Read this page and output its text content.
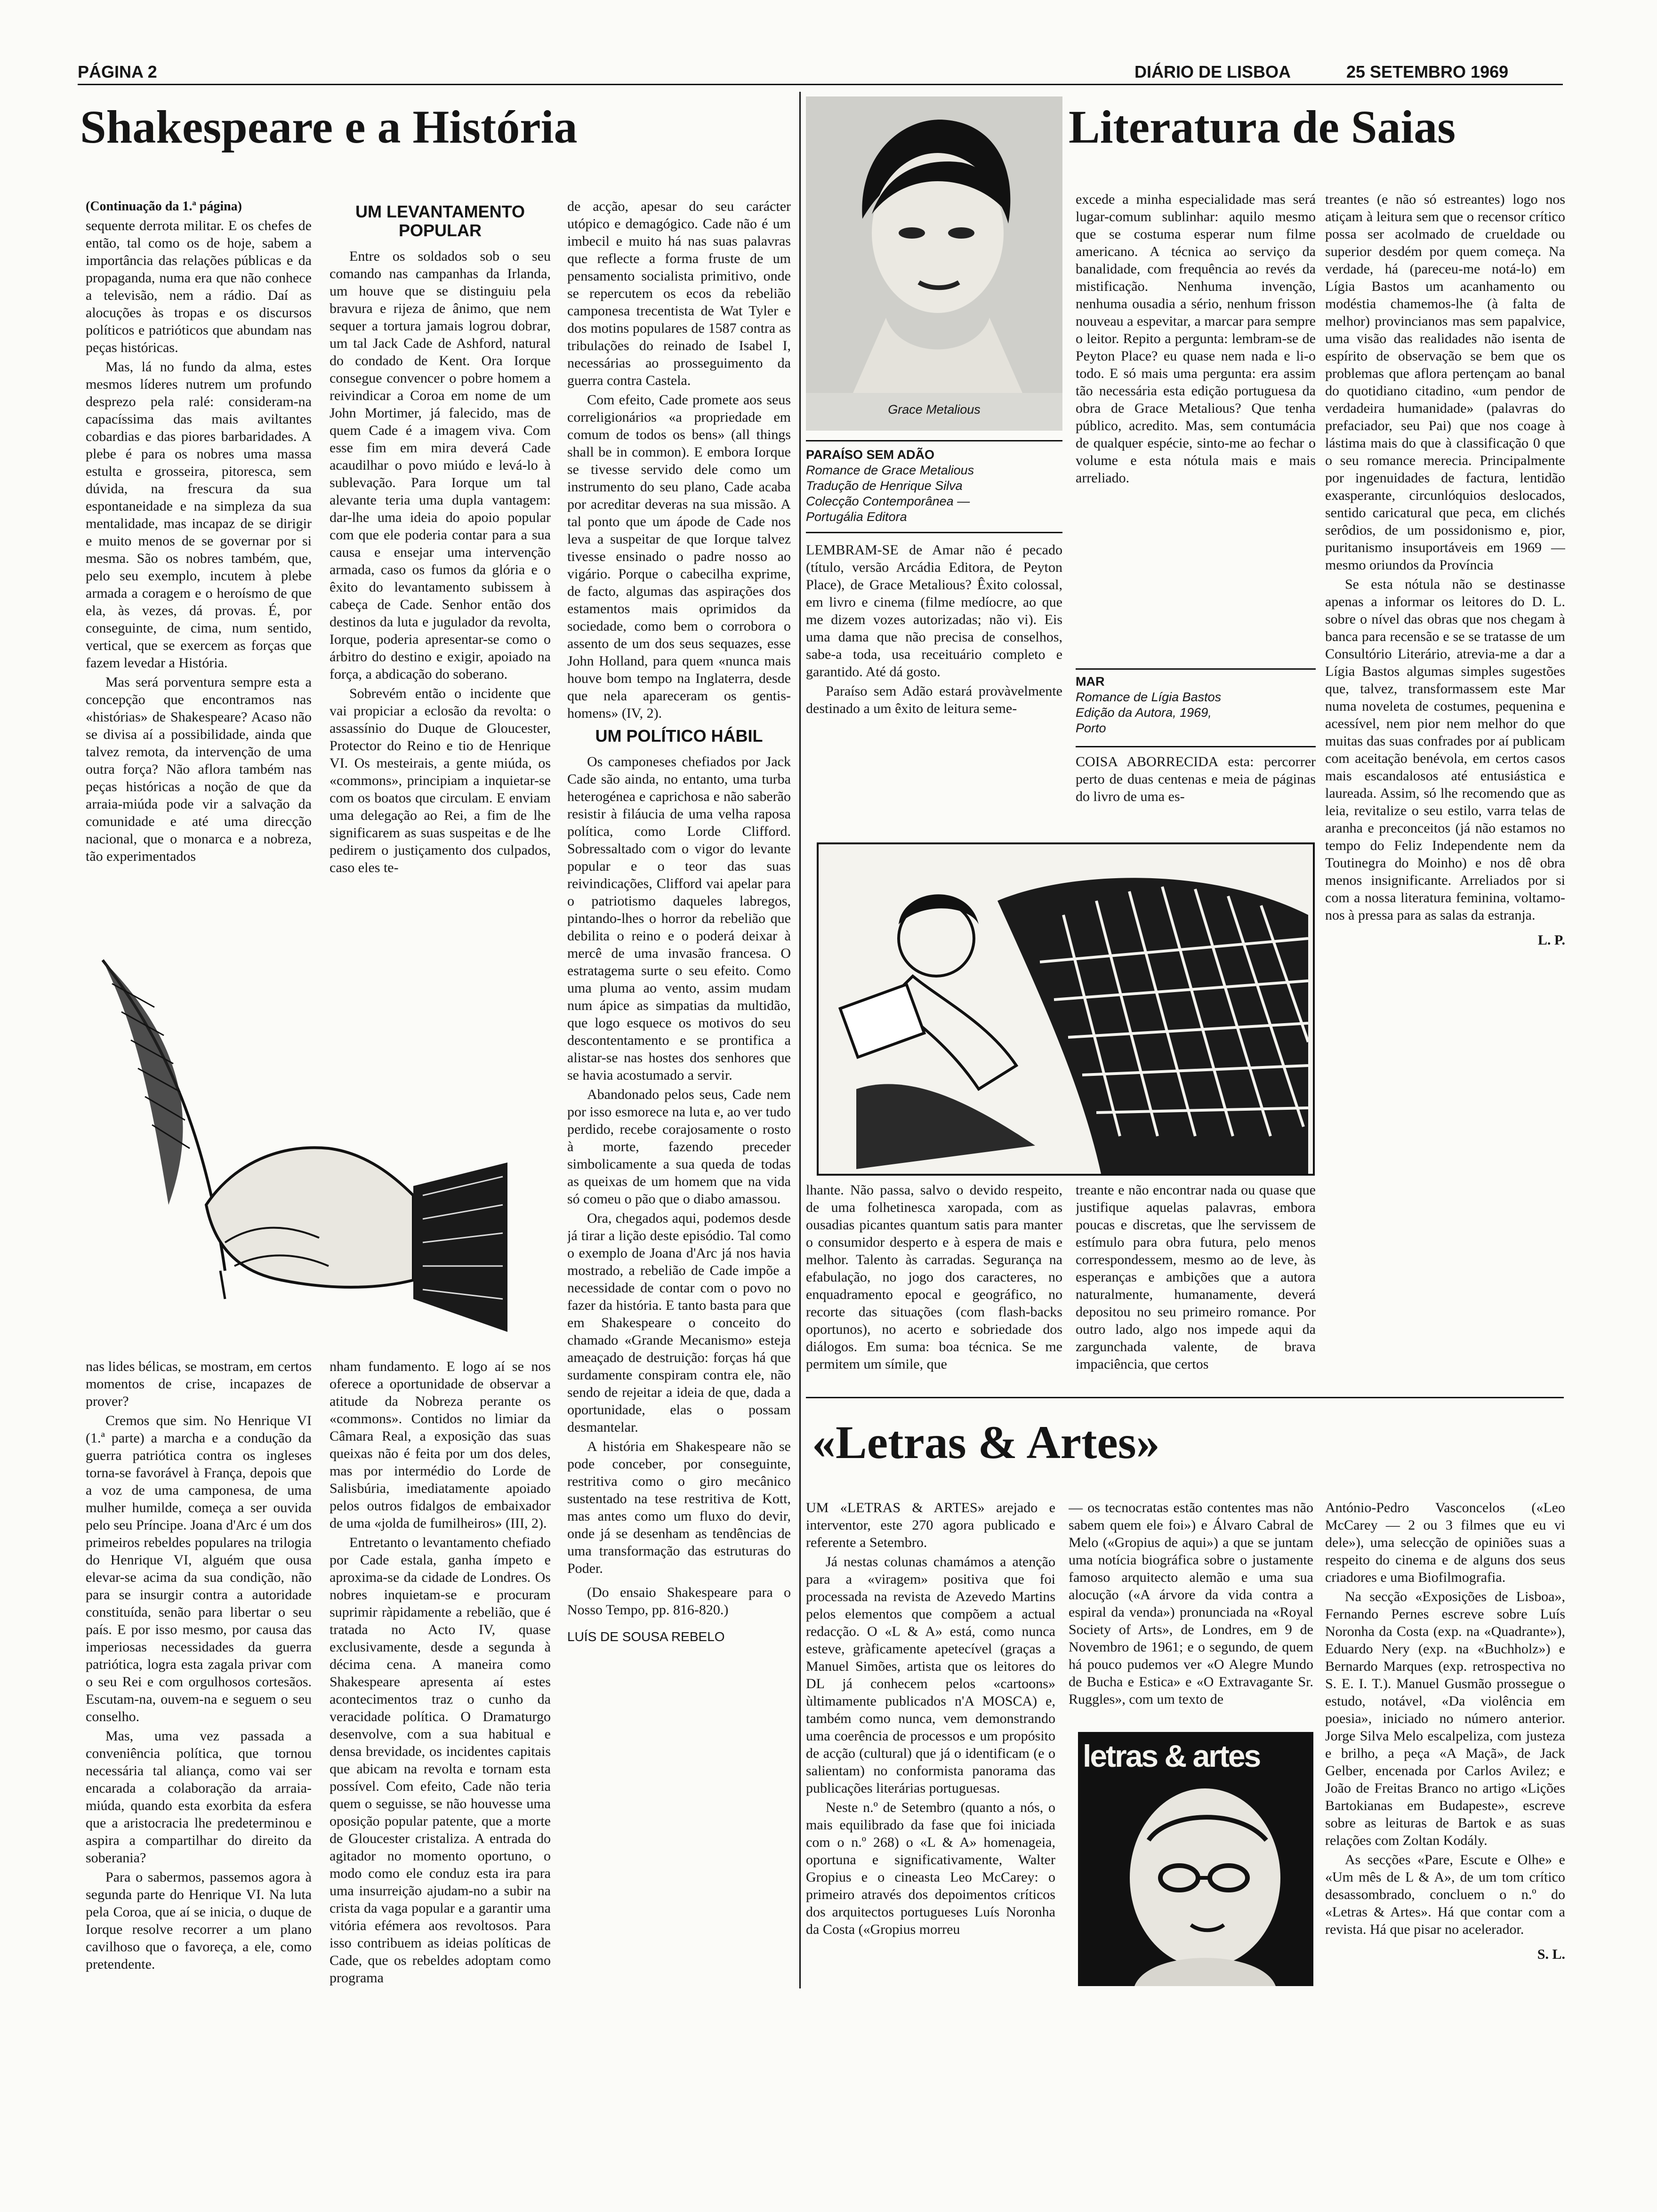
PÁGINA 2	DIÁRIO DE LISBOA	25 SETEMBRO 1969
Shakespeare e a História

(Continuação da 1.ª página)

sequente derrota militar. E os chefes de então, tal como os de hoje, sabem a importância das relações públicas e da propaganda, numa era que não conhece a televisão, nem a rádio. Daí as alocuções às tropas e os discursos políticos e patrióticos que abundam nas peças históricas.

Mas, lá no fundo da alma, estes mesmos líderes nutrem um profundo desprezo pela ralé: consideram-na capacíssima das mais aviltantes cobardias e das piores barbaridades. A plebe é para os nobres uma massa estulta e grosseira, pitoresca, sem dúvida, na frescura da sua espontaneidade e na simpleza da sua mentalidade, mas incapaz de se dirigir e muito menos de se governar por si mesma. São os nobres também, que, pelo seu exemplo, incutem à plebe armada a coragem e o heroísmo de que ela, às vezes, dá provas. É, por conseguinte, de cima, num sentido, vertical, que se exercem as forças que fazem levedar a História.

Mas será porventura sempre esta a concepção que encontramos nas «histórias» de Shakespeare? Acaso não se divisa aí a possibilidade, ainda que talvez remota, da intervenção de uma outra força? Não aflora também nas peças históricas a noção de que da arraia-miúda pode vir a salvação da comunidade e até uma direcção nacional, que o monarca e a nobreza, tão experimentados

UM LEVANTAMENTO POPULAR

Entre os soldados sob o seu comando nas campanhas da Irlanda, um houve que se distinguiu pela bravura e rijeza de ânimo, que nem sequer a tortura jamais logrou dobrar, um tal Jack Cade de Ashford, natural do condado de Kent. Ora Iorque consegue convencer o pobre homem a reivindicar a Coroa em nome de um John Mortimer, já falecido, mas de quem Cade é a imagem viva. Com esse fim em mira deverá Cade acaudilhar o povo miúdo e levá-lo à sublevação. Para Iorque um tal alevante teria uma dupla vantagem: dar-lhe uma ideia do apoio popular com que ele poderia contar para a sua causa e ensejar uma intervenção armada, caso os fumos da glória e o êxito do levantamento subissem à cabeça de Cade. Senhor então dos destinos da luta e jugulador da revolta, Iorque, poderia apresentar-se como o árbitro do destino e exigir, apoiado na força, a abdicação do soberano.

Sobrevém então o incidente que vai propiciar a eclosão da revolta: o assassínio do Duque de Gloucester, Protector do Reino e tio de Henrique VI. Os mesteirais, a gente miúda, os «commons», principiam a inquietar-se com os boatos que circulam. E enviam uma delegação ao Rei, a fim de lhe significarem as suas suspeitas e de lhe pedirem o justiçamento dos culpados, caso eles te-

nas lides bélicas, se mostram, em certos momentos de crise, incapazes de prover?

Cremos que sim. No Henrique VI (1.ª parte) a marcha e a condução da guerra patriótica contra os ingleses torna-se favorável à França, depois que a voz de uma camponesa, de uma mulher humilde, começa a ser ouvida pelo seu Príncipe. Joana d'Arc é um dos primeiros rebeldes populares na trilogia do Henrique VI, alguém que ousa elevar-se acima da sua condição, não para se insurgir contra a autoridade constituída, senão para libertar o seu país. E por isso mesmo, por causa das imperiosas necessidades da guerra patriótica, logra esta zagala privar com o seu Rei e com orgulhosos cortesãos. Escutam-na, ouvem-na e seguem o seu conselho.

Mas, uma vez passada a conveniência política, que tornou necessária tal aliança, como vai ser encarada a colaboração da arraia-miúda, quando esta exorbita da esfera que a aristocracia lhe predeterminou e aspira a compartilhar do direito da soberania?

Para o sabermos, passemos agora à segunda parte do Henrique VI. Na luta pela Coroa, que aí se inicia, o duque de Iorque resolve recorrer a um plano cavilhoso que o favoreça, a ele, como pretendente.

nham fundamento. E logo aí se nos oferece a oportunidade de observar a atitude da Nobreza perante os «commons». Contidos no limiar da Câmara Real, a exposição das suas queixas não é feita por um dos deles, mas por intermédio do Lorde de Salisbúria, imediatamente apoiado pelos outros fidalgos de embaixador de uma «jolda de fumilheiros» (III, 2).

Entretanto o levantamento chefiado por Cade estala, ganha ímpeto e aproxima-se da cidade de Londres. Os nobres inquietam-se e procuram suprimir ràpidamente a rebelião, que é tratada no Acto IV, quase exclusivamente, desde a segunda à décima cena. A maneira como Shakespeare apresenta aí estes acontecimentos traz o cunho da veracidade política. O Dramaturgo desenvolve, com a sua habitual e densa brevidade, os incidentes capitais que abicam na revolta e tornam esta possível. Com efeito, Cade não teria quem o seguisse, se não houvesse uma oposição popular patente, que a morte de Gloucester cristaliza. A entrada do agitador no momento oportuno, o modo como ele conduz esta ira para uma insurreição ajudam-no a subir na crista da vaga popular e a garantir uma vitória efémera aos revoltosos. Para isso contribuem as ideias políticas de Cade, que os rebeldes adoptam como programa

de acção, apesar do seu carácter utópico e demagógico. Cade não é um imbecil e muito há nas suas palavras que reflecte a forma fruste de um pensamento socialista primitivo, onde se repercutem os ecos da rebelião camponesa trecentista de Wat Tyler e dos motins populares de 1587 contra as tribulações do reinado de Isabel I, necessárias ao prosseguimento da guerra contra Castela.

Com efeito, Cade promete aos seus correligionários «a propriedade em comum de todos os bens» (all things shall be in common). E embora Iorque se tivesse servido dele como um instrumento do seu plano, Cade acaba por acreditar deveras na sua missão. A tal ponto que um ápode de Cade nos leva a suspeitar de que Iorque talvez tivesse ensinado o padre nosso ao vigário. Porque o cabecilha exprime, de facto, algumas das aspirações dos estamentos mais oprimidos da sociedade, como bem o corrobora o assento de um dos seus sequazes, esse John Holland, para quem «nunca mais houve bom tempo na Inglaterra, desde que nela apareceram os gentis-homens» (IV, 2).

UM POLÍTICO HÁBIL

Os camponeses chefiados por Jack Cade são ainda, no entanto, uma turba heterogénea e caprichosa e não saberão resistir à filáucia de uma velha raposa política, como Lorde Clifford. Sobressaltado com o vigor do levante popular e o teor das suas reivindicações, Clifford vai apelar para o patriotismo daqueles labregos, pintando-lhes o horror da rebelião que debilita o reino e o poderá deixar à mercê de uma invasão francesa. O estratagema surte o seu efeito. Como uma pluma ao vento, assim mudam num ápice as simpatias da multidão, que logo esquece os motivos do seu descontentamento e se prontifica a alistar-se nas hostes dos senhores que se havia acostumado a servir.

Abandonado pelos seus, Cade nem por isso esmorece na luta e, ao ver tudo perdido, recebe corajosamente o rosto à morte, fazendo preceder simbolicamente a sua queda de todas as queixas de um homem que na vida só comeu o pão que o diabo amassou.

Ora, chegados aqui, podemos desde já tirar a lição deste episódio. Tal como o exemplo de Joana d'Arc já nos havia mostrado, a rebelião de Cade impõe a necessidade de contar com o povo no fazer da história. E tanto basta para que em Shakespeare o conceito do chamado «Grande Mecanismo» esteja ameaçado de destruição: forças há que surdamente conspiram contra ele, não sendo de rejeitar a ideia de que, dada a oportunidade, elas o possam desmantelar.

A história em Shakespeare não se pode conceber, por conseguinte, restritiva como o giro mecânico sustentado na tese restritiva de Kott, mas antes como um fluxo do devir, onde já se desenham as tendências de uma transformação das estruturas do Poder.

(Do ensaio Shakespeare para o Nosso Tempo, pp. 816-820.)

LUÍS DE SOUSA REBELO

Literatura de Saias
Grace Metalious
PARAÍSO SEM ADÃO
Romance de Grace Metalious
Tradução de Henrique Silva
Colecção Contemporânea —
Portugália Editora

LEMBRAM-SE de Amar não é pecado (título, versão Arcádia Editora, de Peyton Place), de Grace Metalious? Êxito colossal, em livro e cinema (filme medíocre, ao que me dizem vozes autorizadas; não vi). Eis uma dama que não precisa de conselhos, sabe-a toda, usa receituário completo e garantido. Até dá gosto.

Paraíso sem Adão estará provàvelmente destinado a um êxito de leitura seme-

excede a minha especialidade mas será lugar-comum sublinhar: aquilo mesmo que se costuma esperar num filme americano. A técnica ao serviço da banalidade, com frequência ao revés da mistificação. Nenhuma invenção, nenhuma ousadia a sério, nenhum frisson nouveau a espevitar, a marcar para sempre o leitor. Repito a pergunta: lembram-se de Peyton Place? eu quase nem nada e li-o todo. E só mais uma pergunta: era assim tão necessária esta edição portuguesa da obra de Grace Metalious? Que tenha público, acredito. Mas, sem contumácia de qualquer espécie, sinto-me ao fechar o volume e esta nótula mais e mais arreliado.

MAR
Romance de Lígia Bastos
Edição da Autora, 1969,
Porto

COISA ABORRECIDA esta: percorrer perto de duas centenas e meia de páginas do livro de uma es-

lhante. Não passa, salvo o devido respeito, de uma folhetinesca xaropada, com as ousadias picantes quantum satis para manter o consumidor desperto e à espera de mais e melhor. Talento às carradas. Segurança na efabulação, no jogo dos caracteres, no enquadramento epocal e geográfico, no recorte das situações (com flash-backs oportunos), no acerto e sobriedade dos diálogos. Em suma: boa técnica. Se me permitem um símile, que

treante e não encontrar nada ou quase que justifique aquelas palavras, embora poucas e discretas, que lhe servissem de estímulo para obra futura, pelo menos correspondessem, mesmo ao de leve, às esperanças e ambições que a autora naturalmente, humanamente, deverá depositou no seu primeiro romance. Por outro lado, algo nos impede aqui da zargunchada valente, de brava impaciência, que certos

treantes (e não só estreantes) logo nos atiçam à leitura sem que o recensor crítico possa ser acolmado de crueldade ou superior desdém por quem começa. Na verdade, há (pareceu-me notá-lo) em Lígia Bastos um acanhamento ou modéstia chamemos-lhe (à falta de melhor) provincianos mas sem papalvice, uma visão das realidades não isenta de espírito de observação se bem que os problemas que aflora pertençam ao banal do quotidiano citadino, «um pendor de verdadeira humanidade» (palavras do prefaciador, seu Pai) que nos coage à lástima mais do que à classificação 0 que o seu romance merecia. Principalmente por ingenuidades de factura, lentidão exasperante, circunlóquios deslocados, sentido caricatural que peca, em clichés serôdios, de um possidonismo e, pior, puritanismo insuportáveis em 1969 — mesmo oriundos da Província

Se esta nótula não se destinasse apenas a informar os leitores do D. L. sobre o nível das obras que nos chegam à banca para recensão e se se tratasse de um Consultório Literário, atrevia-me a dar a Lígia Bastos algumas simples sugestões que, talvez, transformassem este Mar numa noveleta de costumes, pequenina e acessível, nem pior nem melhor do que muitas das suas confrades por aí publicam com aceitação benévola, em certos casos mais escandalosos até entusiástica e laureada. Assim, só lhe recomendo que as leia, revitalize o seu estilo, varra telas de aranha e preconceitos (já não estamos no tempo do Feliz Independente nem da Toutinegra do Moinho) e nos dê obra menos insignificante. Arreliados por si com a nossa literatura feminina, voltamo-nos à pressa para as salas da estranja.

L. P.
«Letras & Artes»

UM «LETRAS & ARTES» arejado e interventor, este 270 agora publicado e referente a Setembro.

Já nestas colunas chamámos a atenção para a «viragem» positiva que foi processada na revista de Azevedo Martins pelos elementos que compõem a actual redacção. O «L & A» está, como nunca esteve, gràficamente apetecível (graças a Manuel Simões, artista que os leitores do DL já conhecem pelos «cartoons» ùltimamente publicados n'A MOSCA) e, também como nunca, vem demonstrando uma coerência de processos e um propósito de acção (cultural) que já o identificam (e o salientam) no conformista panorama das publicações literárias portuguesas.

Neste n.º de Setembro (quanto a nós, o mais equilibrado da fase que foi iniciada com o n.º 268) o «L & A» homenageia, oportuna e significativamente, Walter Gropius e o cineasta Leo McCarey: o primeiro através dos depoimentos críticos dos arquitectos portugueses Luís Noronha da Costa («Gropius morreu

— os tecnocratas estão contentes mas não sabem quem ele foi») e Álvaro Cabral de Melo («Gropius de aqui») a que se juntam uma notícia biográfica sobre o justamente famoso arquitecto alemão e uma sua alocução («A árvore da vida contra a espiral da venda») pronunciada na «Royal Society of Arts», de Londres, em 9 de Novembro de 1961; e o segundo, de quem há pouco pudemos ver «O Alegre Mundo de Bucha e Estica» e «O Extravagante Sr. Ruggles», com um texto de

letras & artes

António-Pedro Vasconcelos («Leo McCarey — 2 ou 3 filmes que eu vi dele»), uma selecção de opiniões suas a respeito do cinema e de alguns dos seus criadores e uma Biofilmografia.

Na secção «Exposições de Lisboa», Fernando Pernes escreve sobre Luís Noronha da Costa (exp. na «Quadrante»), Eduardo Nery (exp. na «Buchholz») e Bernardo Marques (exp. retrospectiva no S. E. I. T.). Manuel Gusmão prossegue o estudo, notável, «Da violência em poesia», iniciado no número anterior. Jorge Silva Melo escalpeliza, com justeza e brilho, a peça «A Maçã», de Jack Gelber, encenada por Carlos Avilez; e João de Freitas Branco no artigo «Lições Bartokianas em Budapeste», escreve sobre as leituras de Bartok e as suas relações com Zoltan Kodály.

As secções «Pare, Escute e Olhe» e «Um mês de L & A», de um tom crítico desassombrado, concluem o n.º do «Letras & Artes». Há que contar com a revista. Há que pisar no acelerador.

S. L.
